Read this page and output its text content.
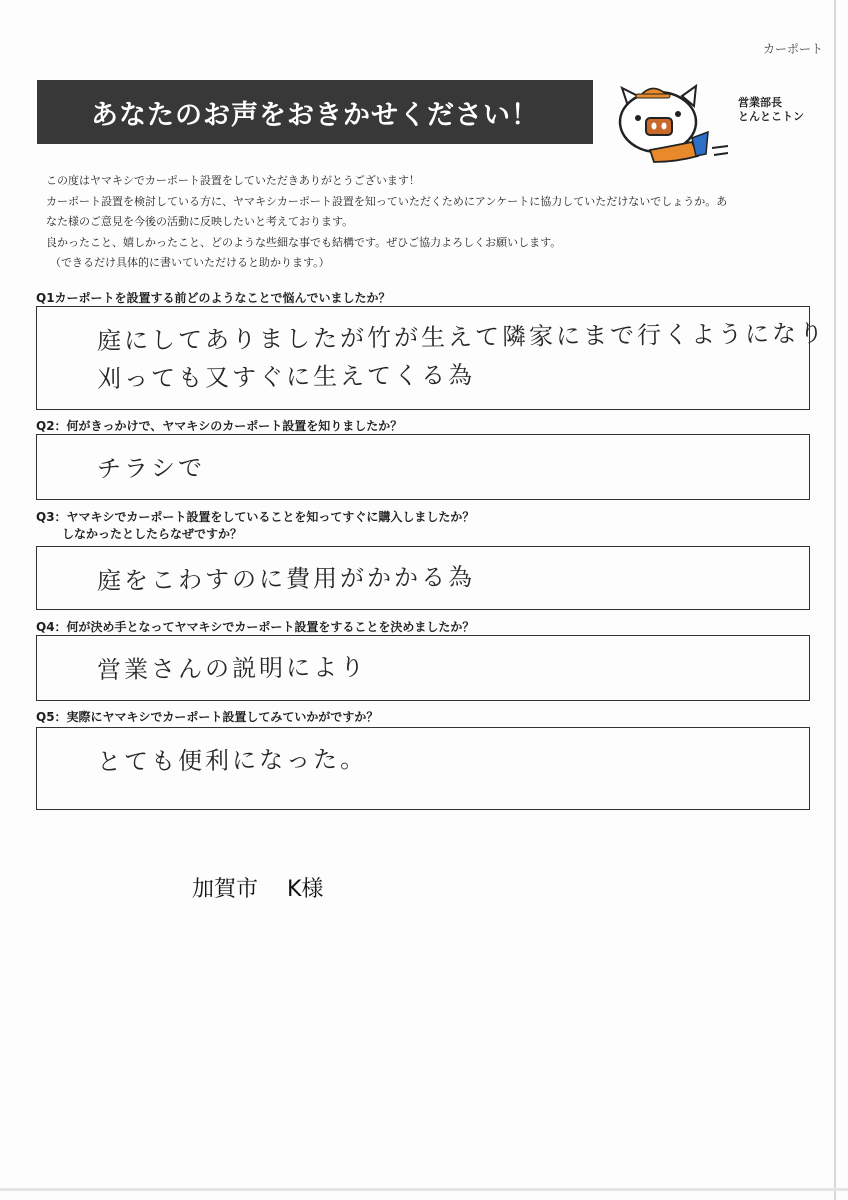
カーポート
あなたのお声をおきかせください！	営業部長
とんとこトン

この度はヤマキシでカーポート設置をしていただきありがとうございます！

カーポート設置を検討している方に、ヤマキシカーポート設置を知っていただくためにアンケートに協力していただけないでしょうか。あ

なた様のご意見を今後の活動に反映したいと考えております。

良かったこと、嬉しかったこと、どのような些細な事でも結構です。ぜひご協力よろしくお願いします。

（できるだけ具体的に書いていただけると助かります。）

Q1カーポートを設置する前どのようなことで悩んでいましたか？
庭にしてありましたが竹が生えて隣家にまで行くようになり
刈っても又すぐに生えてくる為
Q2：何がきっかけで、ヤマキシのカーポート設置を知りましたか？
チラシで
Q3：ヤマキシでカーポート設置をしていることを知ってすぐに購入しましたか？
しなかったとしたらなぜですか？
庭をこわすのに費用がかかる為
Q4：何が決め手となってヤマキシでカーポート設置をすることを決めましたか？
営業さんの説明により
Q5：実際にヤマキシでカーポート設置してみていかがですか？
とても便利になった。
加賀市　 K様
